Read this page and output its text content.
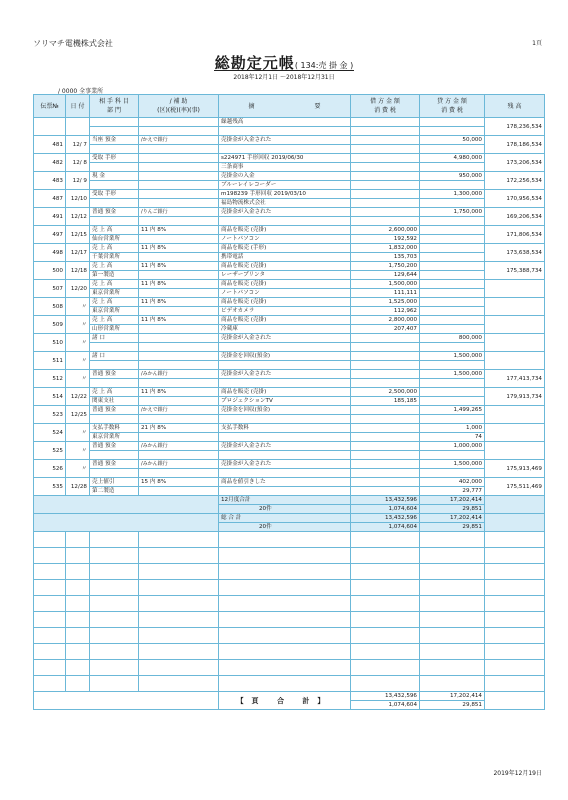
ソリマチ電機株式会社	1頁
総勘定元帳( 134:売 掛 金 )
2018年12月1日 〜2018年12月31日
/ 0000 全事業所
伝票№	日 付	相 手 科 目
部 門	/ 補 助
(区)(税)(率)(事)	摘 要	借 方 金 額
消 費 税	貸 方 金 額
消 費 税	残 高
				繰越残高			178,236,534

481	12/ 7	当座 預金	/かえで銀行	売掛金が入金された		50,000	178,186,534

482	12/ 8	受取 手形		s224971 手形回収 2019/06/30		4,980,000	173,206,534
				三条商事			
483	12/ 9	現 金		売掛金の入金		950,000	172,256,534
				ブルーレイレコーダー			
487	12/10	受取 手形		m198239 手形回収 2019/03/10		1,300,000	170,956,534
				福島物流株式会社			
491	12/12	普通 預金	/りんご銀行	売掛金が入金された		1,750,000	169,206,534

497	12/15	売 上 高	11 内 8%	商品を販売 (売掛)	2,600,000		171,806,534
		仙台営業所		ノートパソコン	192,592		
498	12/17	売 上 高	11 内 8%	商品を販売 (手形)	1,832,000		173,638,534
		千葉営業所		携帯電話	135,703		
500	12/18	売 上 高	11 内 8%	商品を販売 (売掛)	1,750,200		175,388,734
		第一製造		レーザープリンタ	129,644		
507	12/20	売 上 高	11 内 8%	商品を販売 (売掛)	1,500,000		
		東京営業所		ノートパソコン	111,111		
508	〃	売 上 高	11 内 8%	商品を販売 (売掛)	1,525,000		
		東京営業所		ビデオカメラ	112,962		
509	〃	売 上 高	11 内 8%	商品を販売 (売掛)	2,800,000		
		山形営業所		冷蔵庫	207,407		
510	〃	諸 口		売掛金が入金された		800,000	

511	〃	諸 口		売掛金を回収(預金)		1,500,000	

512	〃	普通 預金	/みかん銀行	売掛金が入金された		1,500,000	177,413,734

514	12/22	売 上 高	11 内 8%	商品を販売 (売掛)	2,500,000		179,913,734
		関東支社		プロジェクションTV	185,185		
523	12/25	普通 預金	/かえで銀行	売掛金を回収(預金)		1,499,265	

524	〃	支払手数料	21 内 8%	支払手数料		1,000	
		東京営業所				74	
525	〃	普通 預金	/みかん銀行	売掛金が入金された		1,000,000	

526	〃	普通 預金	/みかん銀行	売掛金が入金された		1,500,000	175,913,469

535	12/28	売上値引	15 内 8%	商品を値引きした		402,000	175,511,469
		第二製造				29,777	
				12月度合計	13,432,596	17,202,414	
				20件	1,074,604	29,851	
				総 合 計	13,432,596	17,202,414	
				20件	1,074,604	29,851	

				【頁 合 計】	13,432,596	17,202,414	
					1,074,604	29,851	
2019年12月19日
